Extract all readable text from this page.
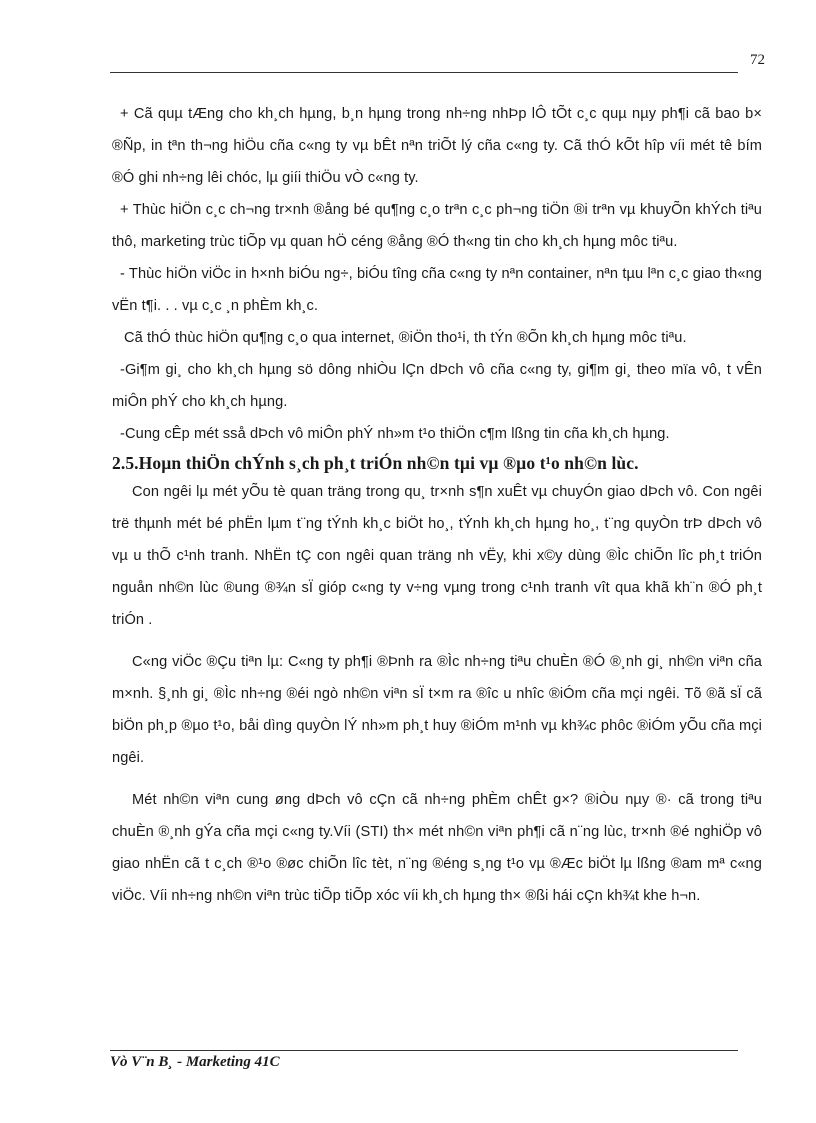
72

+ Cã quµ tÆng cho kh¸ch hµng, b¸n hµng trong nh÷ng nhÞp lÔ tÕt c¸c quµ nµy ph¶i cã bao b× ®Ñp, in tªn th¬ng hiÖu cña c«ng ty vµ bÊt nªn triÕt lý cña c«ng ty. Cã thÓ kÕt hîp víi mét tê bím ®Ó ghi nh÷ng lêi chóc, lµ giíi thiÖu vÒ c«ng ty.

+ Thùc hiÖn c¸c ch¬ng tr×nh ®ång bé qu¶ng c¸o trªn c¸c ph¬ng tiÖn ®i trªn vµ khuyÕn khÝch tiªu thô, marketing trùc tiÕp vµ quan hÖ céng ®ång ®Ó th«ng tin cho kh¸ch hµng môc tiªu.

- Thùc hiÖn viÖc in h×nh biÓu ng÷, biÓu tîng cña c«ng ty nªn container, nªn tµu lªn c¸c giao th«ng vËn t¶i. . . vµ c¸c ¸n phÈm kh¸c.

Cã thÓ thùc hiÖn qu¶ng c¸o qua internet, ®iÖn tho¹i, th tÝn ®Õn kh¸ch hµng môc tiªu.

-Gi¶m gi¸ cho kh¸ch hµng sö dông nhiÒu lÇn dÞch vô cña c«ng ty, gi¶m gi¸ theo mïa vô, t vÊn miÔn phÝ cho kh¸ch hµng.

-Cung cÊp mét sså dÞch vô miÔn phÝ nh»m t¹o thiÖn c¶m lßng tin cña kh¸ch hµng.

2.5.Hoµn thiÖn chÝnh s¸ch ph¸t triÓn nh©n tµi vµ ®µo t¹o nh©n lùc.

Con ngêi lµ mét yÕu tè quan träng trong qu¸ tr×nh s¶n xuÊt vµ chuyÓn giao dÞch vô. Con ngêi trë thµnh mét bé phËn lµm t¨ng tÝnh kh¸c biÖt ho¸, tÝnh kh¸ch hµng ho¸, t¨ng quyÒn trÞ dÞch vô vµ u thÕ c¹nh tranh. NhËn tÇ con ngêi quan träng nh vËy, khi x©y dùng ®Ìc chiÕn lîc ph¸t triÓn nguån nh©n lùc ®ung ®¾n sÏ gióp c«ng ty v÷ng vµng trong c¹nh tranh vît qua khã kh¨n ®Ó ph¸t triÓn .

C«ng viÖc ®Çu tiªn lµ: C«ng ty ph¶i ®Þnh ra ®Ìc nh÷ng tiªu chuÈn ®Ó ®¸nh gi¸ nh©n viªn cña m×nh. §¸nh gi¸ ®Ìc nh÷ng ®éi ngò nh©n viªn sÏ t×m ra ®îc u nhîc ®iÓm cña mçi ngêi. Tõ ®ã sÏ cã biÖn ph¸p ®µo t¹o, båi dìng quyÒn lÝ nh»m ph¸t huy ®iÓm m¹nh vµ kh¾c phôc ®iÓm yÕu cña mçi ngêi.

Mét nh©n viªn cung øng dÞch vô cÇn cã nh÷ng phÈm chÊt g×? ®iÒu nµy ®· cã trong tiªu chuÈn ®¸nh gÝa cña mçi c«ng ty.Víi (STI) th× mét nh©n viªn ph¶i cã n¨ng lùc, tr×nh ®é nghiÖp vô giao nhËn cã t c¸ch ®¹o ®øc chiÕn lîc tèt, n¨ng ®éng s¸ng t¹o vµ ®Æc biÖt lµ lßng ®am mª c«ng viÖc. Víi nh÷ng nh©n viªn trùc tiÕp tiÕp xóc víi kh¸ch hµng th× ®ßi hái cÇn kh¾t khe h¬n.

Vò V¨n B¸ - Marketing 41C
